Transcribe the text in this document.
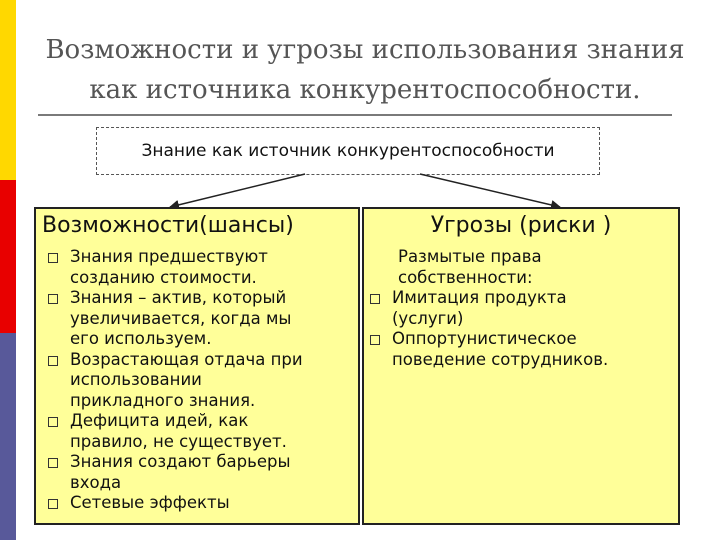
Возможности и угрозы использования знания
как источника конкурентоспособности.
Знание как источник конкурентоспособности
Возможности(шансы)
Знания предшествуют
созданию стоимости.
Знания – актив, который
увеличивается, когда мы
его используем.
Возрастающая отдача при
использовании
прикладного знания.
Дефицита идей, как
правило, не существует.
Знания создают барьеры
входа
Сетевые эффекты
Угрозы (риски )
Размытые права
собственности:
Имитация продукта
(услуги)
Оппортунистическое
поведение сотрудников.
